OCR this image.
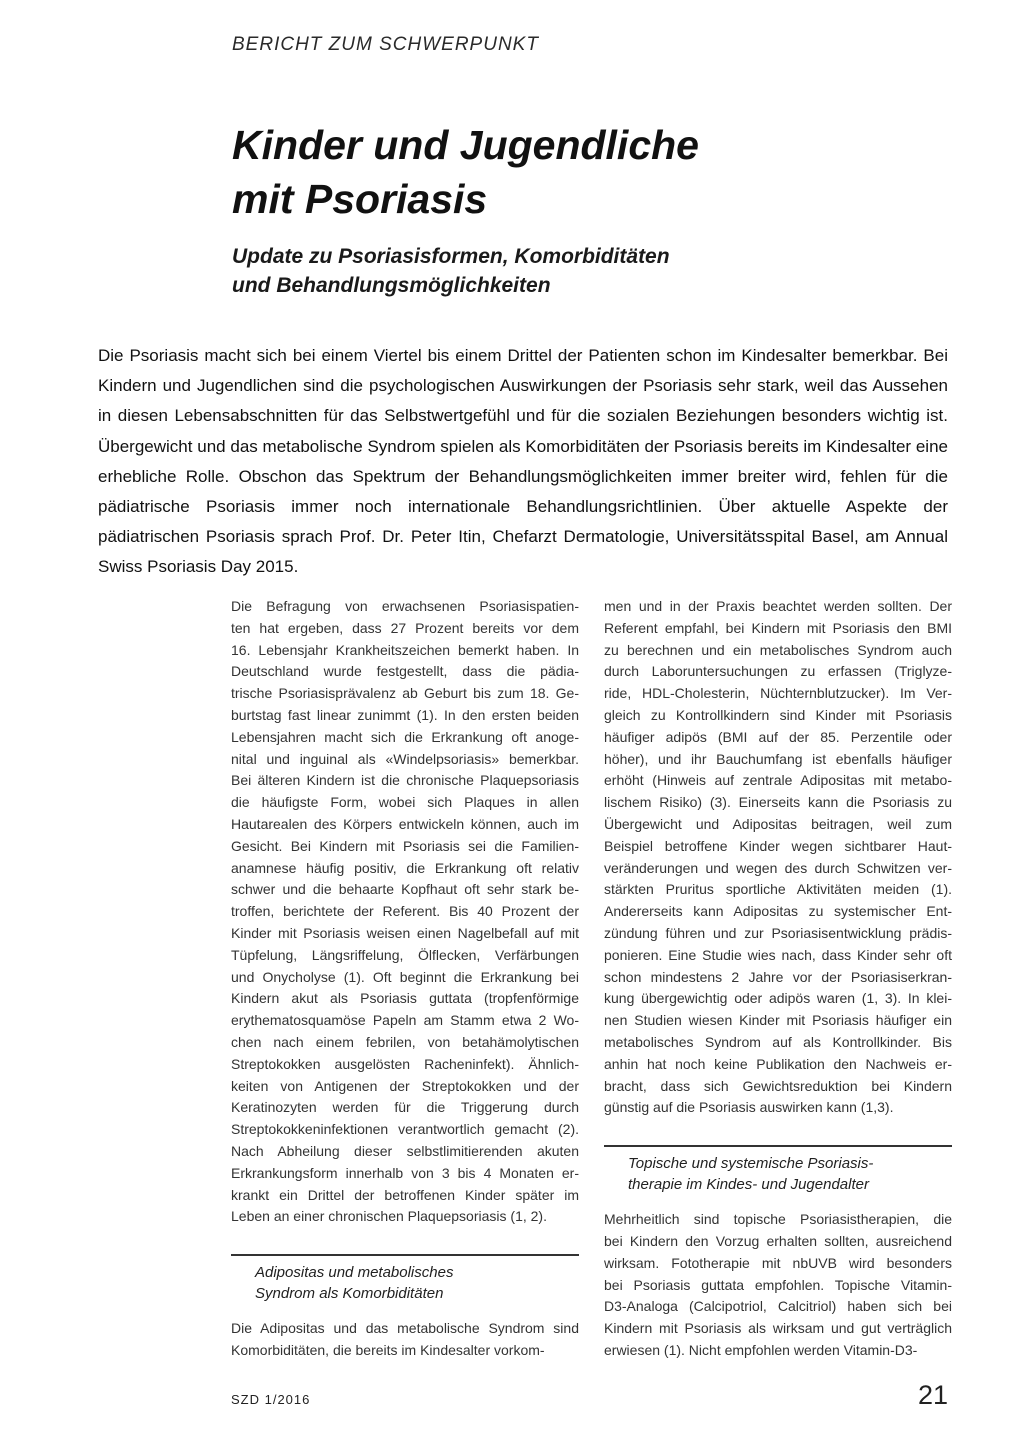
BERICHT ZUM SCHWERPUNKT
Kinder und Jugendliche
mit Psoriasis
Update zu Psoriasisformen, Komorbiditäten
und Behandlungsmöglichkeiten

Die Psoriasis macht sich bei einem Viertel bis einem Drittel der Patienten schon im Kindesalter bemerkbar. Bei Kindern und Jugendlichen sind die psychologischen Auswirkungen der Psoriasis sehr stark, weil das Aussehen in diesen Lebensabschnitten für das Selbstwertgefühl und für die sozialen Beziehungen besonders wichtig ist. Übergewicht und das metabolische Syndrom spielen als Komorbiditäten der Psoriasis bereits im Kindesalter eine erhebliche Rolle. Obschon das Spektrum der Behandlungsmöglichkeiten immer breiter wird, fehlen für die pädiatrische Psoriasis immer noch internationale Behandlungsrichtlinien. Über aktuelle Aspekte der pädiatrischen Psoriasis sprach Prof. Dr. Peter Itin, Chefarzt Dermatologie, Universitätsspital Basel, am Annual Swiss Psoriasis Day 2015.

Die Befragung von erwachsenen Psoriasispatien-
ten hat ergeben, dass 27 Prozent bereits vor dem
16. Lebensjahr Krankheitszeichen bemerkt haben. In
Deutschland wurde festgestellt, dass die pädia-
trische Psoriasisprävalenz ab Geburt bis zum 18. Ge-
burtstag fast linear zunimmt (1). In den ersten beiden
Lebensjahren macht sich die Erkrankung oft anoge-
nital und inguinal als «Windelpsoriasis» bemerkbar.
Bei älteren Kindern ist die chronische Plaquepsoriasis
die häufigste Form, wobei sich Plaques in allen
Hautarealen des Körpers entwickeln können, auch im
Gesicht. Bei Kindern mit Psoriasis sei die Familien-
anamnese häufig positiv, die Erkrankung oft relativ
schwer und die behaarte Kopfhaut oft sehr stark be-
troffen, berichtete der Referent. Bis 40 Prozent der
Kinder mit Psoriasis weisen einen Nagelbefall auf mit
Tüpfelung, Längsriffelung, Ölflecken, Verfärbungen
und Onycholyse (1). Oft beginnt die Erkrankung bei
Kindern akut als Psoriasis guttata (tropfenförmige
erythematosquamöse Papeln am Stamm etwa 2 Wo-
chen nach einem febrilen, von betahämolytischen
Streptokokken ausgelösten Racheninfekt). Ähnlich-
keiten von Antigenen der Streptokokken und der
Keratinozyten werden für die Triggerung durch
Streptokokkeninfektionen verantwortlich gemacht (2).
Nach Abheilung dieser selbstlimitierenden akuten
Erkrankungsform innerhalb von 3 bis 4 Monaten er-
krankt ein Drittel der betroffenen Kinder später im
Leben an einer chronischen Plaquepsoriasis (1, 2).

Adipositas und metabolisches
Syndrom als Komorbiditäten

Die Adipositas und das metabolische Syndrom sind
Komorbiditäten, die bereits im Kindesalter vorkom-

men und in der Praxis beachtet werden sollten. Der
Referent empfahl, bei Kindern mit Psoriasis den BMI
zu berechnen und ein metabolisches Syndrom auch
durch Laboruntersuchungen zu erfassen (Triglyze-
ride, HDL-Cholesterin, Nüchternblutzucker). Im Ver-
gleich zu Kontrollkindern sind Kinder mit Psoriasis
häufiger adipös (BMI auf der 85. Perzentile oder
höher), und ihr Bauchumfang ist ebenfalls häufiger
erhöht (Hinweis auf zentrale Adipositas mit metabo-
lischem Risiko) (3). Einerseits kann die Psoriasis zu
Übergewicht und Adipositas beitragen, weil zum
Beispiel betroffene Kinder wegen sichtbarer Haut-
veränderungen und wegen des durch Schwitzen ver-
stärkten Pruritus sportliche Aktivitäten meiden (1).
Andererseits kann Adipositas zu systemischer Ent-
zündung führen und zur Psoriasisentwicklung prädis-
ponieren. Eine Studie wies nach, dass Kinder sehr oft
schon mindestens 2 Jahre vor der Psoriasiserkran-
kung übergewichtig oder adipös waren (1, 3). In klei-
nen Studien wiesen Kinder mit Psoriasis häufiger ein
metabolisches Syndrom auf als Kontrollkinder. Bis
anhin hat noch keine Publikation den Nachweis er-
bracht, dass sich Gewichtsreduktion bei Kindern
günstig auf die Psoriasis auswirken kann (1,3).

Topische und systemische Psoriasis-
therapie im Kindes- und Jugendalter

Mehrheitlich sind topische Psoriasistherapien, die
bei Kindern den Vorzug erhalten sollten, ausreichend
wirksam. Fototherapie mit nbUVB wird besonders
bei Psoriasis guttata empfohlen. Topische Vitamin-
D3-Analoga (Calcipotriol, Calcitriol) haben sich bei
Kindern mit Psoriasis als wirksam und gut verträglich
erwiesen (1). Nicht empfohlen werden Vitamin-D3-

SZD 1/2016	21
